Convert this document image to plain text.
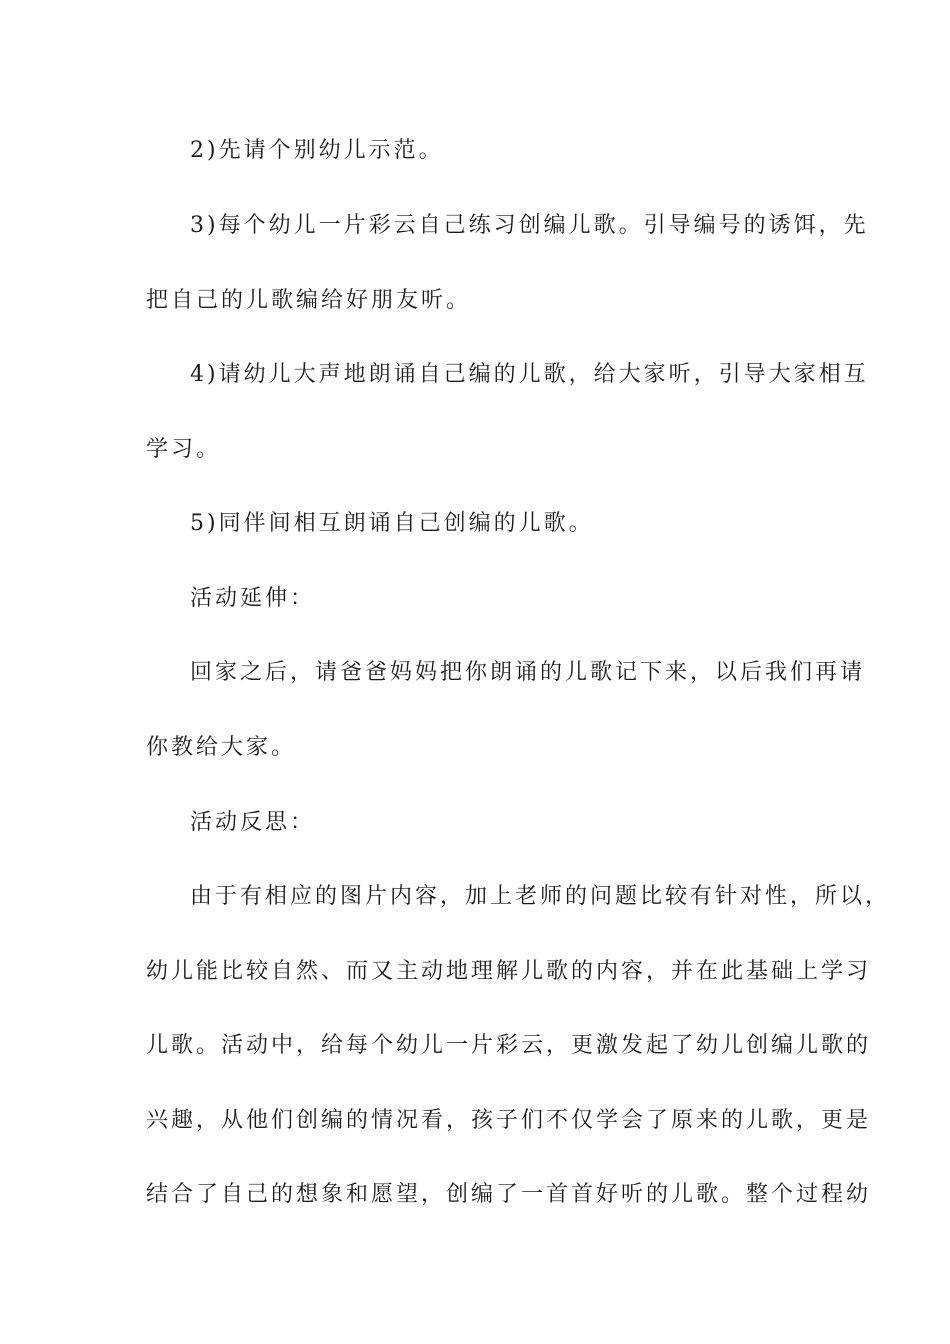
2)先请个别幼儿示范。
3)每个幼儿一片彩云自己练习创编儿歌。引导编号的诱饵，先
把自己的儿歌编给好朋友听。
4)请幼儿大声地朗诵自己编的儿歌，给大家听，引导大家相互
学习。
5)同伴间相互朗诵自己创编的儿歌。
活动延伸：
回家之后，请爸爸妈妈把你朗诵的儿歌记下来，以后我们再请
你教给大家。
活动反思：
由于有相应的图片内容，加上老师的问题比较有针对性，所以，
幼儿能比较自然、而又主动地理解儿歌的内容，并在此基础上学习
儿歌。活动中，给每个幼儿一片彩云，更激发起了幼儿创编儿歌的
兴趣，从他们创编的情况看，孩子们不仅学会了原来的儿歌，更是
结合了自己的想象和愿望，创编了一首首好听的儿歌。整个过程幼
